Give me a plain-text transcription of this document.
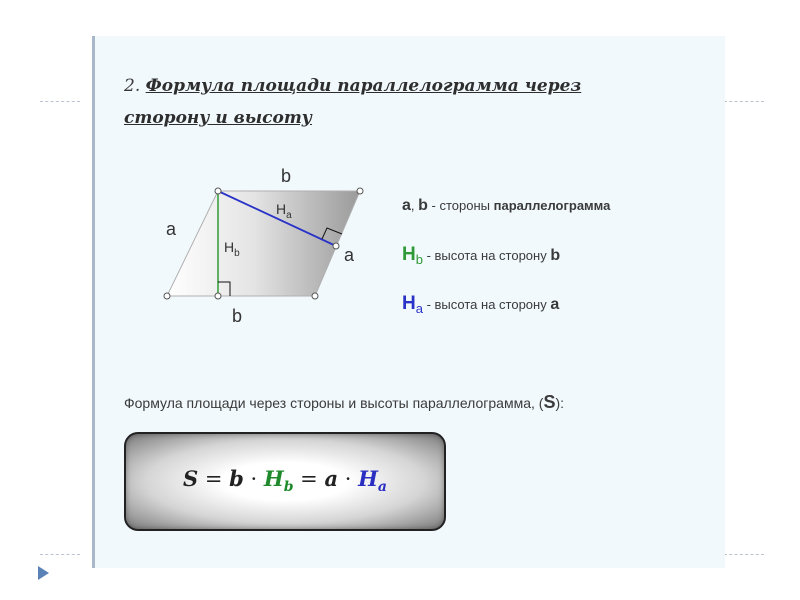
2. Формула площади параллелограмма через
сторону и высоту
b
b
a
a
$H_a$
$H_b$
a, b - стороны параллелограмма
$H_b$ - высота на сторону b
$H_a$ - высота на сторону a
Формула площади через стороны и высоты параллелограмма, (S):
$S = b \cdot H_b = a \cdot H_a$
